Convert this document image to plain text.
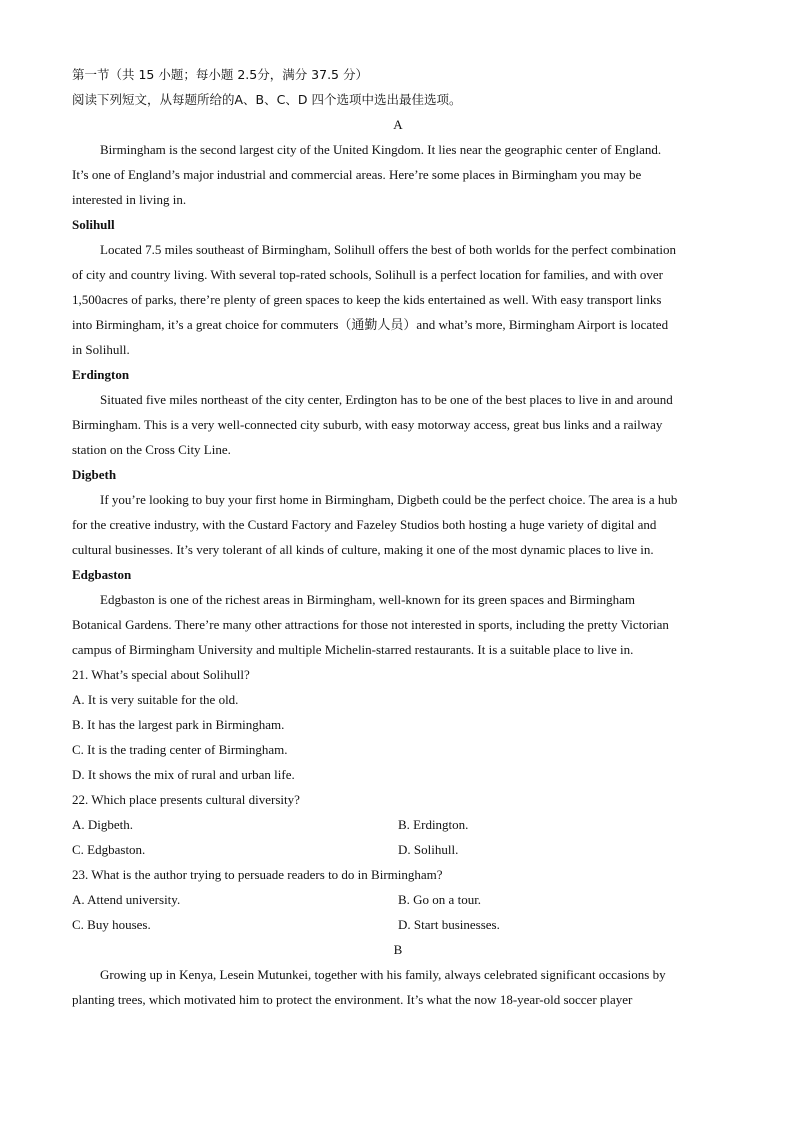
第一节（共 15 小题；每小题 2.5分，满分 37.5 分）
阅读下列短文，从每题所给的A、B、C、D 四个选项中选出最佳选项。
A
Birmingham is the second largest city of the United Kingdom. It lies near the geographic center of England.
It’s one of England’s major industrial and commercial areas. Here’re some places in Birmingham you may be
interested in living in.
Solihull
Located 7.5 miles southeast of Birmingham, Solihull offers the best of both worlds for the perfect combination
of city and country living. With several top-rated schools, Solihull is a perfect location for families, and with over
1,500acres of parks, there’re plenty of green spaces to keep the kids entertained as well. With easy transport links
into Birmingham, it’s a great choice for commuters（通勤人员）and what’s more, Birmingham Airport is located
in Solihull.
Erdington
Situated five miles northeast of the city center, Erdington has to be one of the best places to live in and around
Birmingham. This is a very well-connected city suburb, with easy motorway access, great bus links and a railway
station on the Cross City Line.
Digbeth
If you’re looking to buy your first home in Birmingham, Digbeth could be the perfect choice. The area is a hub
for the creative industry, with the Custard Factory and Fazeley Studios both hosting a huge variety of digital and
cultural businesses. It’s very tolerant of all kinds of culture, making it one of the most dynamic places to live in.
Edgbaston
Edgbaston is one of the richest areas in Birmingham, well-known for its green spaces and Birmingham
Botanical Gardens. There’re many other attractions for those not interested in sports, including the pretty Victorian
campus of Birmingham University and multiple Michelin-starred restaurants. It is a suitable place to live in.
21. What’s special about Solihull?
A. It is very suitable for the old.
B. It has the largest park in Birmingham.
C. It is the trading center of Birmingham.
D. It shows the mix of rural and urban life.
22. Which place presents cultural diversity?
A. Digbeth.	B. Erdington.
C. Edgbaston.	D. Solihull.
23. What is the author trying to persuade readers to do in Birmingham?
A. Attend university.	B. Go on a tour.
C. Buy houses.	D. Start businesses.
B
Growing up in Kenya, Lesein Mutunkei, together with his family, always celebrated significant occasions by
planting trees, which motivated him to protect the environment. It’s what the now 18-year-old soccer player
